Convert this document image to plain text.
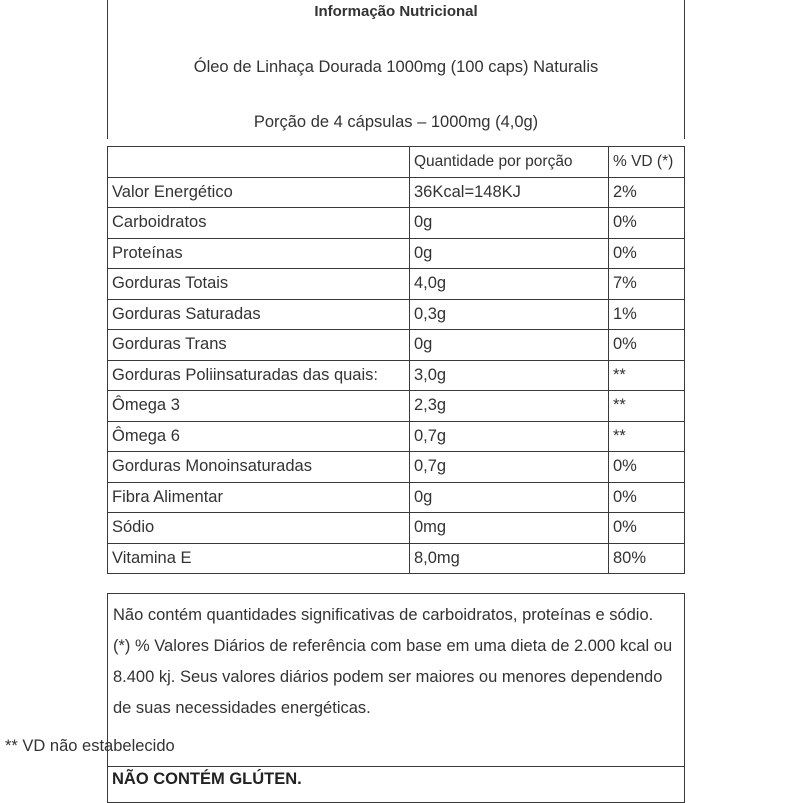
Informação Nutricional
Óleo de Linhaça Dourada 1000mg (100 caps) Naturalis
Porção de 4 cápsulas – 1000mg (4,0g)
	Quantidade por porção	% VD (*)
Valor Energético	36Kcal=148KJ	2%
Carboidratos	0g	0%
Proteínas	0g	0%
Gorduras Totais	4,0g	7%
Gorduras Saturadas	0,3g	1%
Gorduras Trans	0g	0%
Gorduras Poliinsaturadas das quais:	3,0g	**
Ômega 3	2,3g	**
Ômega 6	0,7g	**
Gorduras Monoinsaturadas	0,7g	0%
Fibra Alimentar	0g	0%
Sódio	0mg	0%
Vitamina E	8,0mg	80%
Não contém quantidades significativas de carboidratos, proteínas e sódio. (*) % Valores Diários de referência com base em uma dieta de 2.000 kcal ou 8.400 kj. Seus valores diários podem ser maiores ou menores dependendo de suas necessidades energéticas.
** VD não estabelecido
NÃO CONTÉM GLÚTEN.
